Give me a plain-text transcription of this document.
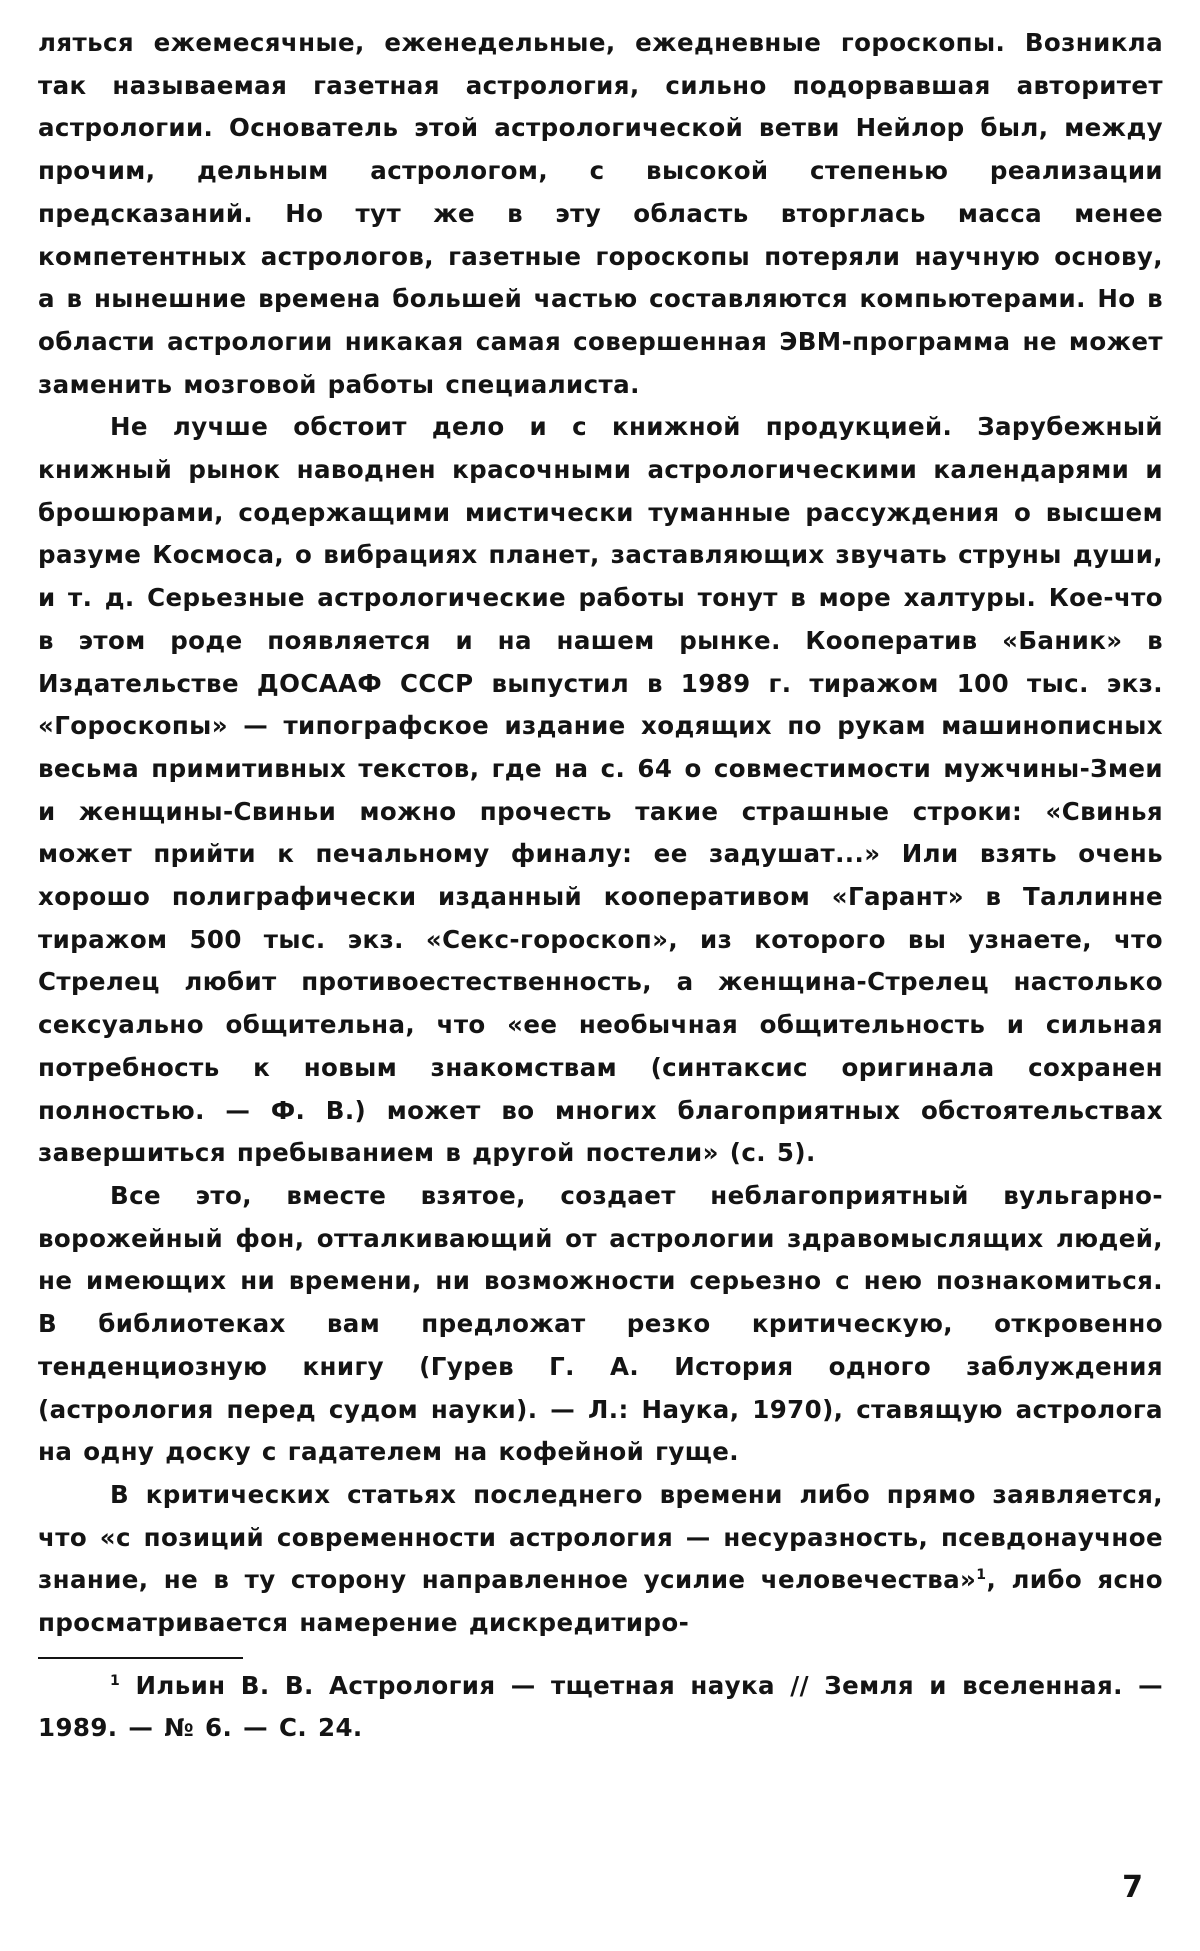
ляться ежемесячные, еженедельные, ежедневные гороскопы. Возникла так называемая газетная астрология, сильно подорвавшая авторитет астрологии. Основатель этой астрологической ветви Нейлор был, между прочим, дельным астрологом, с высокой степенью реализации предсказаний. Но тут же в эту область вторглась масса менее компетентных астрологов, газетные гороскопы потеряли научную основу, а в нынешние времена большей частью составляются компьютерами. Но в области астрологии никакая самая совершенная ЭВМ-программа не может заменить мозговой работы специалиста.

Не лучше обстоит дело и с книжной продукцией. Зарубежный книжный рынок наводнен красочными астрологическими календарями и брошюрами, содержащими мистически туманные рассуждения о высшем разуме Космоса, о вибрациях планет, заставляющих звучать струны души, и т. д. Серьезные астрологические работы тонут в море халтуры. Кое-что в этом роде появляется и на нашем рынке. Кооператив «Баник» в Издательстве ДОСААФ СССР выпустил в 1989 г. тиражом 100 тыс. экз. «Гороскопы» — типографское издание ходящих по рукам машинописных весьма примитивных текстов, где на с. 64 о совместимости мужчины-Змеи и женщины-Свиньи можно прочесть такие страшные строки: «Свинья может прийти к печальному финалу: ее задушат...» Или взять очень хорошо полиграфически изданный кооперативом «Гарант» в Таллинне тиражом 500 тыс. экз. «Секс-гороскоп», из которого вы узнаете, что Стрелец любит противоестественность, а женщина-Стрелец настолько сексуально общительна, что «ее необычная общительность и сильная потребность к новым знакомствам (синтаксис оригинала сохранен полностью. — Ф. В.) может во многих благоприятных обстоятельствах завершиться пребыванием в другой постели» (с. 5).

Все это, вместе взятое, создает неблагоприятный вульгарно-ворожейный фон, отталкивающий от астрологии здравомыслящих людей, не имеющих ни времени, ни возможности серьезно с нею познакомиться. В библиотеках вам предложат резко критическую, откровенно тенденциозную книгу (Гурев Г. А. История одного заблуждения (астрология перед судом науки). — Л.: Наука, 1970), ставящую астролога на одну доску с гадателем на кофейной гуще.

В критических статьях последнего времени либо прямо заявляется, что «с позиций современности астрология — несуразность, псевдонаучное знание, не в ту сторону направленное усилие человечества»$^1$, либо ясно просматривается намерение дискредитиро-

$^1$ Ильин В. В. Астрология — тщетная наука // Земля и вселенная. — 1989. — № 6. — С. 24.

7
